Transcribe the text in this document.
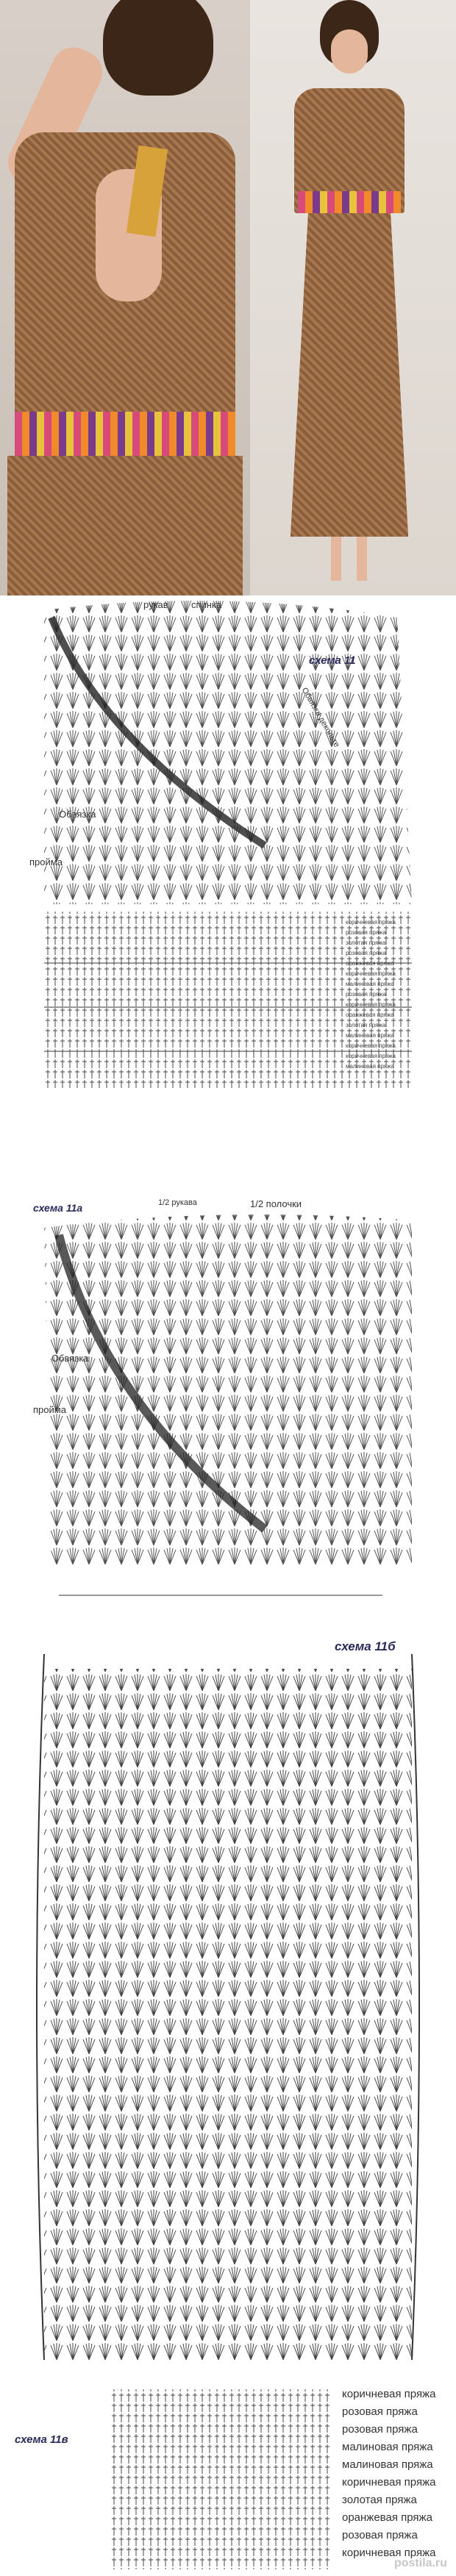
рукав спинка
схема 11
Обвязка
пройма
Обвязка декольте
коричневая пряжа
розовая пряжа
золотая пряжа
розовая пряжа
оранжевая пряжа
коричневая пряжа
малиновая пряжа
розовая пряжа
коричневая пряжа
оранжевая пряжа
золотая пряжа
малиновая пряжа
коричневая пряжа
коричневая пряжа
малиновая пряжа
схема 11а	1/2 рукава	1/2 полочки
Обвязка
пройма
схема 11б
схема 11в
коричневая пряжа
розовая пряжа
розовая пряжа
малиновая пряжа
малиновая пряжа
коричневая пряжа
золотая пряжа
оранжевая пряжа
розовая пряжа
коричневая пряжа
postila.ru
